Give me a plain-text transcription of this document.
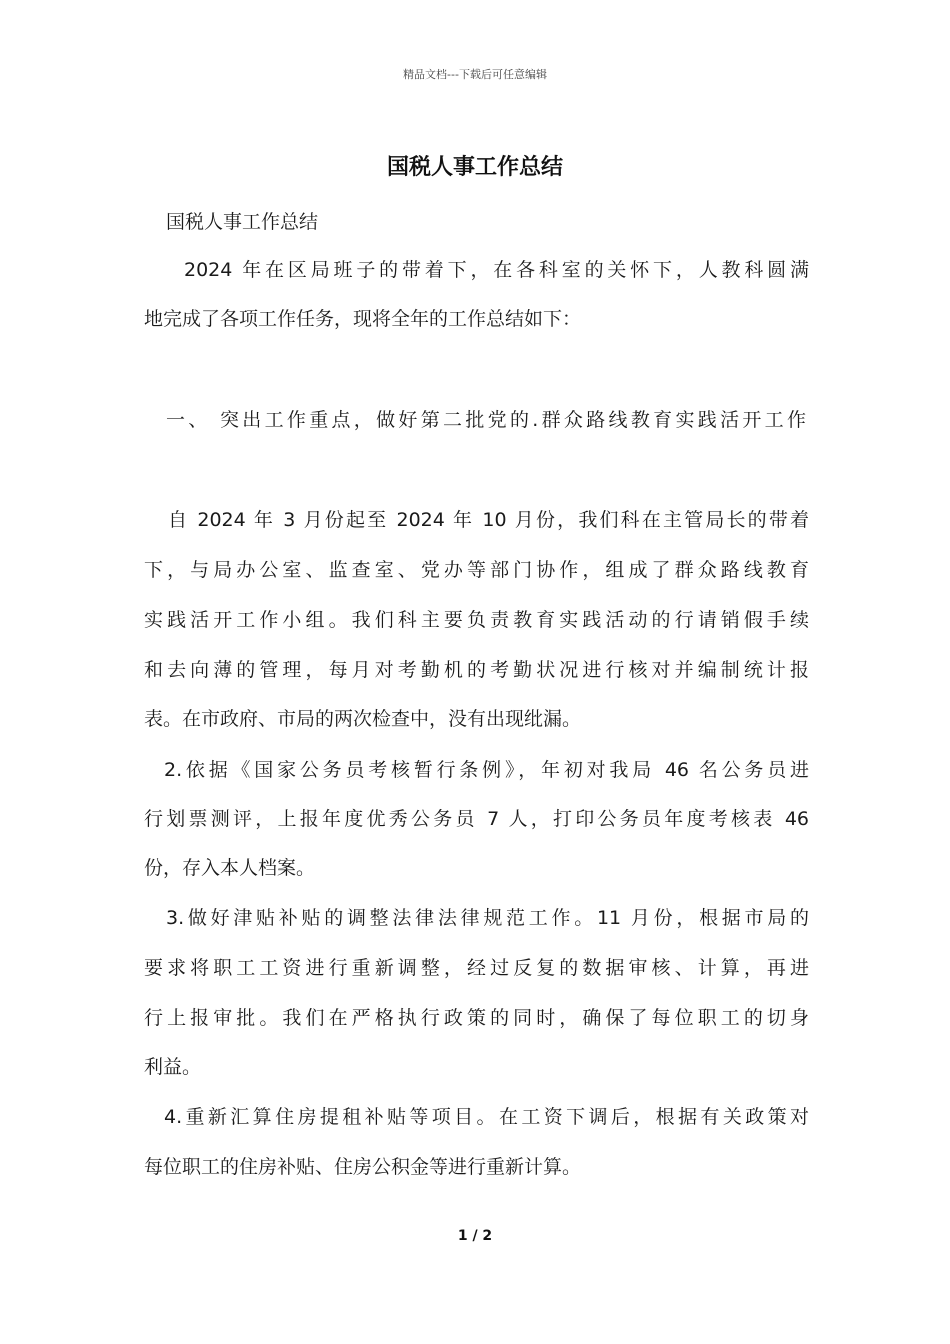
精品文档---下载后可任意编辑
国税人事工作总结
国税人事工作总结
2024 年在区局班子的带着下，在各科室的关怀下，人教科圆满
地完成了各项工作任务，现将全年的工作总结如下：
一、 突出工作重点，做好第二批党的.群众路线教育实践活开工作
自 2024 年 3 月份起至 2024 年 10 月份，我们科在主管局长的带着
下，与局办公室、监查室、党办等部门协作，组成了群众路线教育
实践活开工作小组。我们科主要负责教育实践活动的行请销假手续
和去向薄的管理，每月对考勤机的考勤状况进行核对并编制统计报
表。在市政府、市局的两次检查中，没有出现纰漏。
2.依据《国家公务员考核暂行条例》，年初对我局 46 名公务员进
行划票测评，上报年度优秀公务员 7 人，打印公务员年度考核表 46
份，存入本人档案。
3.做好津贴补贴的调整法律法律规范工作。11 月份，根据市局的
要求将职工工资进行重新调整，经过反复的数据审核、计算，再进
行上报审批。我们在严格执行政策的同时，确保了每位职工的切身
利益。
4.重新汇算住房提租补贴等项目。在工资下调后，根据有关政策对
每位职工的住房补贴、住房公积金等进行重新计算。
1 / 2
